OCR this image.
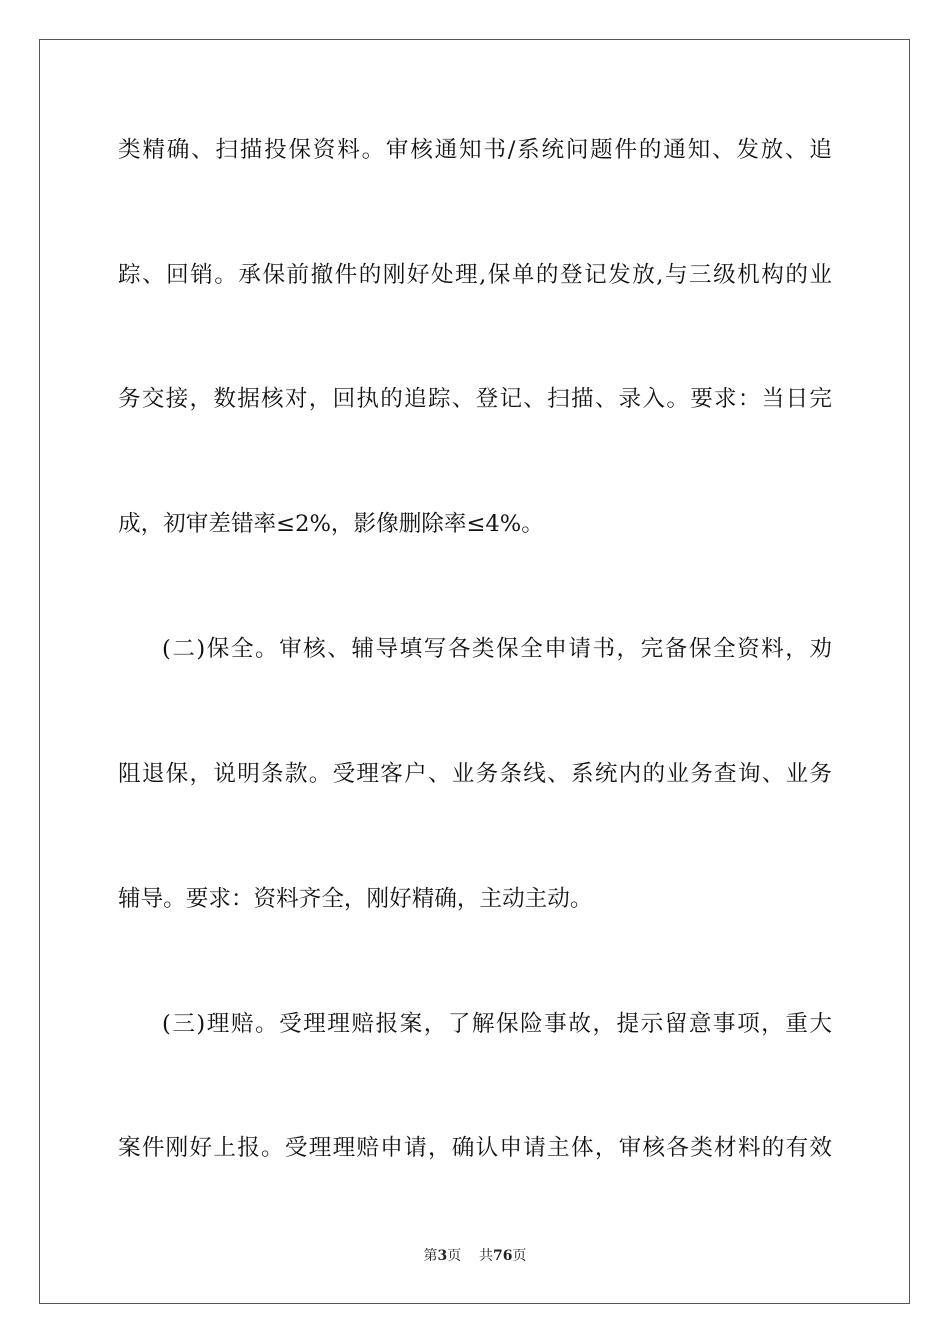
类精确、扫描投保资料。审核通知书/系统问题件的通知、发放、追
踪、回销。承保前撤件的刚好处理,保单的登记发放,与三级机构的业
务交接，数据核对，回执的追踪、登记、扫描、录入。要求：当日完
成，初审差错率≤2%，影像删除率≤4%。
(二)保全。审核、辅导填写各类保全申请书，完备保全资料，劝
阻退保，说明条款。受理客户、业务条线、系统内的业务查询、业务
辅导。要求：资料齐全，刚好精确，主动主动。
(三)理赔。受理理赔报案，了解保险事故，提示留意事项，重大
案件刚好上报。受理理赔申请，确认申请主体，审核各类材料的有效
第3页 共76页
